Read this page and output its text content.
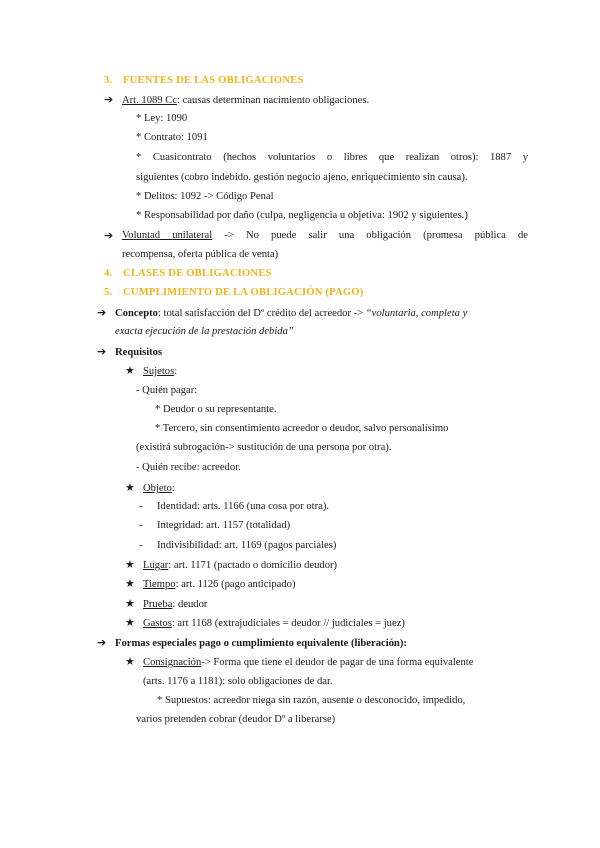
3. FUENTES DE LAS OBLIGACIONES
➔ Art. 1089 Cc: causas determinan nacimiento obligaciones.
* Ley: 1090
* Contrato: 1091
* Cuasicontrato (hechos voluntarios o libres que realizan otros): 1887 y
siguientes (cobro indebido. gestión negocio ajeno, enriquecimiento sin causa).
* Delitos: 1092 -> Código Penal
* Responsabilidad por daño (culpa, negligencia u objetiva: 1902 y siguientes.)
➔ Voluntad unilateral -> No puede salir una obligación (promesa pública de
recompensa, oferta pública de venta)
4. CLASES DE OBLIGACIONES
5. CUMPLIMIENTO DE LA OBLIGACIÓN (PAGO)
➔ Concepto: total satisfacción del Dº crédito del acreedor -> “voluntaria, completa y
exacta ejecución de la prestación debida”
➔ Requisitos
★ Sujetos:
- Quién pagar:
* Deudor o su representante.
* Tercero, sin consentimiento acreedor o deudor, salvo personalísimo
(existirá subrogación-> sustitución de una persona por otra).
- Quién recibe: acreedor.
★ Objeto:
- Identidad: arts. 1166 (una cosa por otra).
- Integridad: art. 1157 (totalidad)
- Indivisibilidad: art. 1169 (pagos parciales)
★ Lugar: art. 1171 (pactado o domicilio deudor)
★ Tiempo: art. 1126 (pago anticipado)
★ Prueba: deudor
★ Gastos: art 1168 (extrajudiciales = deudor // judiciales = juez)
➔ Formas especiales pago o cumplimiento equivalente (liberación):
★ Consignación-> Forma que tiene el deudor de pagar de una forma equivalente
(arts. 1176 a 1181): solo obligaciones de dar.
* Supuestos: acreedor niega sin razón, ausente o desconocido, impedido,
varios pretenden cobrar (deudor Dº a liberarse)
